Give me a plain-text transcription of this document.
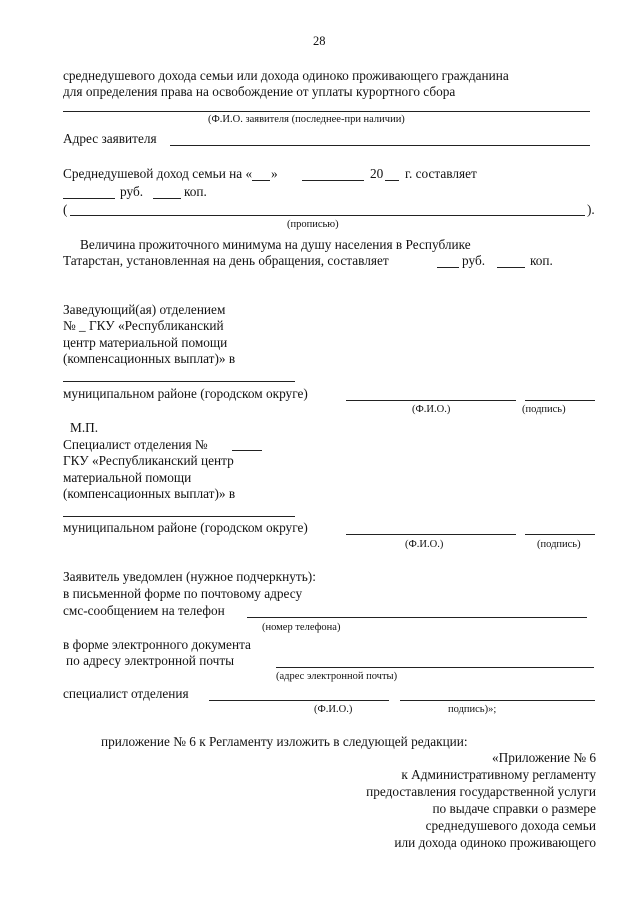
28
среднедушевого дохода семьи или дохода одиноко проживающего гражданина
для определения права на освобождение от уплаты курортного сбора
(Ф.И.О. заявителя (последнее-при наличии)
Адрес заявителя
Среднедушевой доход семьи на « »	20 г. составляет
руб.	коп.
(	).
(прописью)
Величина прожиточного минимума на душу населения в Республике
Татарстан, установленная на день обращения, составляет	руб.	коп.
Заведующий(ая) отделением
№ _ ГКУ «Республиканский
центр материальной помощи
(компенсационных выплат)» в
муниципальном районе (городском округе)
(Ф.И.О.)	(подпись)
М.П.
Специалист отделения №
ГКУ «Республиканский центр
материальной помощи
(компенсационных выплат)» в
муниципальном районе (городском округе)
(Ф.И.О.)	(подпись)
Заявитель уведомлен (нужное подчеркнуть):
в письменной форме по почтовому адресу
смс-сообщением на телефон
(номер телефона)
в форме электронного документа
по адресу электронной почты
(адрес электронной почты)
специалист отделения
(Ф.И.О.)	подпись)»;
приложение № 6 к Регламенту изложить в следующей редакции:
«Приложение № 6
к Административному регламенту
предоставления государственной услуги
по выдаче справки о размере
среднедушевого дохода семьи
или дохода одиноко проживающего
